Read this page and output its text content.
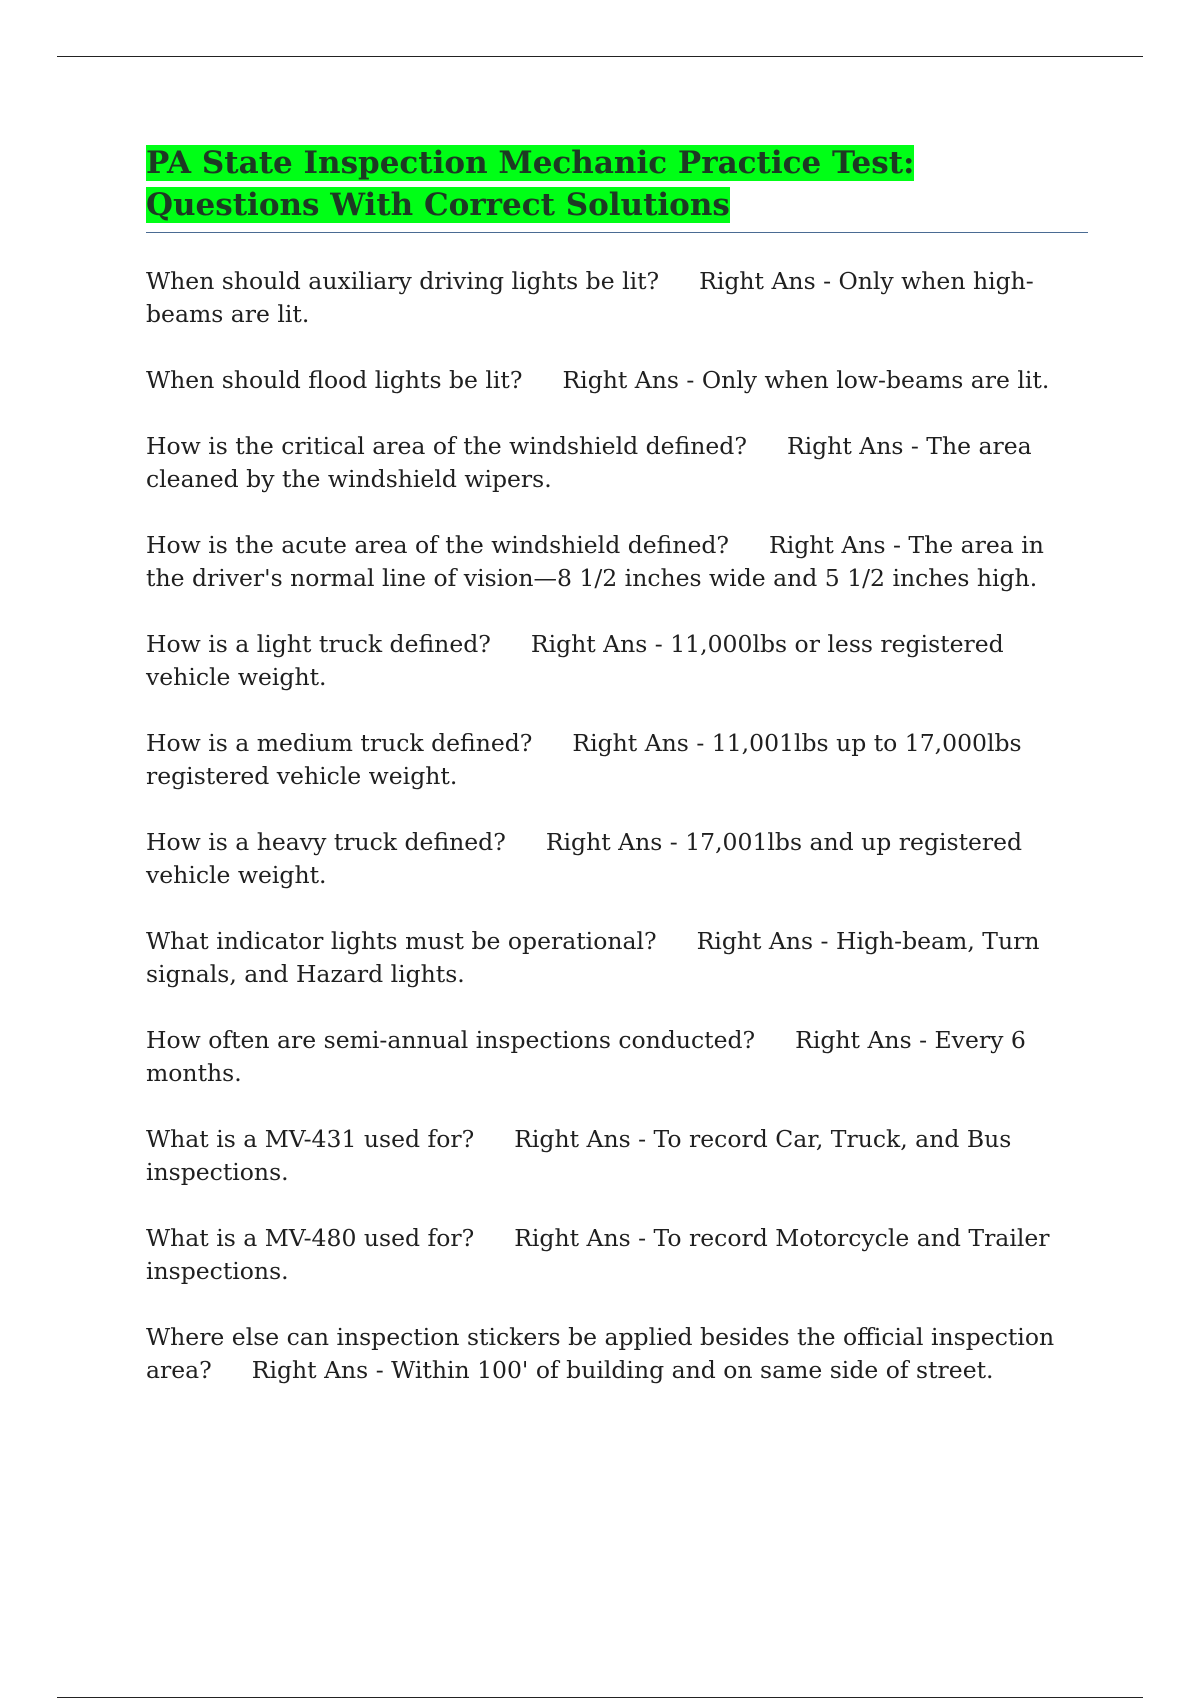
PA State Inspection Mechanic Practice Test: Questions With Correct Solutions

When should auxiliary driving lights be lit? Right Ans - Only when high-beams are lit.

When should flood lights be lit? Right Ans - Only when low-beams are lit.

How is the critical area of the windshield defined? Right Ans - The area cleaned by the windshield wipers.

How is the acute area of the windshield defined? Right Ans - The area in the driver's normal line of vision—8 1/2 inches wide and 5 1/2 inches high.

How is a light truck defined? Right Ans - 11,000lbs or less registered vehicle weight.

How is a medium truck defined? Right Ans - 11,001lbs up to 17,000lbs registered vehicle weight.

How is a heavy truck defined? Right Ans - 17,001lbs and up registered vehicle weight.

What indicator lights must be operational? Right Ans - High-beam, Turn signals, and Hazard lights.

How often are semi-annual inspections conducted? Right Ans - Every 6 months.

What is a MV-431 used for? Right Ans - To record Car, Truck, and Bus inspections.

What is a MV-480 used for? Right Ans - To record Motorcycle and Trailer inspections.

Where else can inspection stickers be applied besides the official inspection area? Right Ans - Within 100' of building and on same side of street.
